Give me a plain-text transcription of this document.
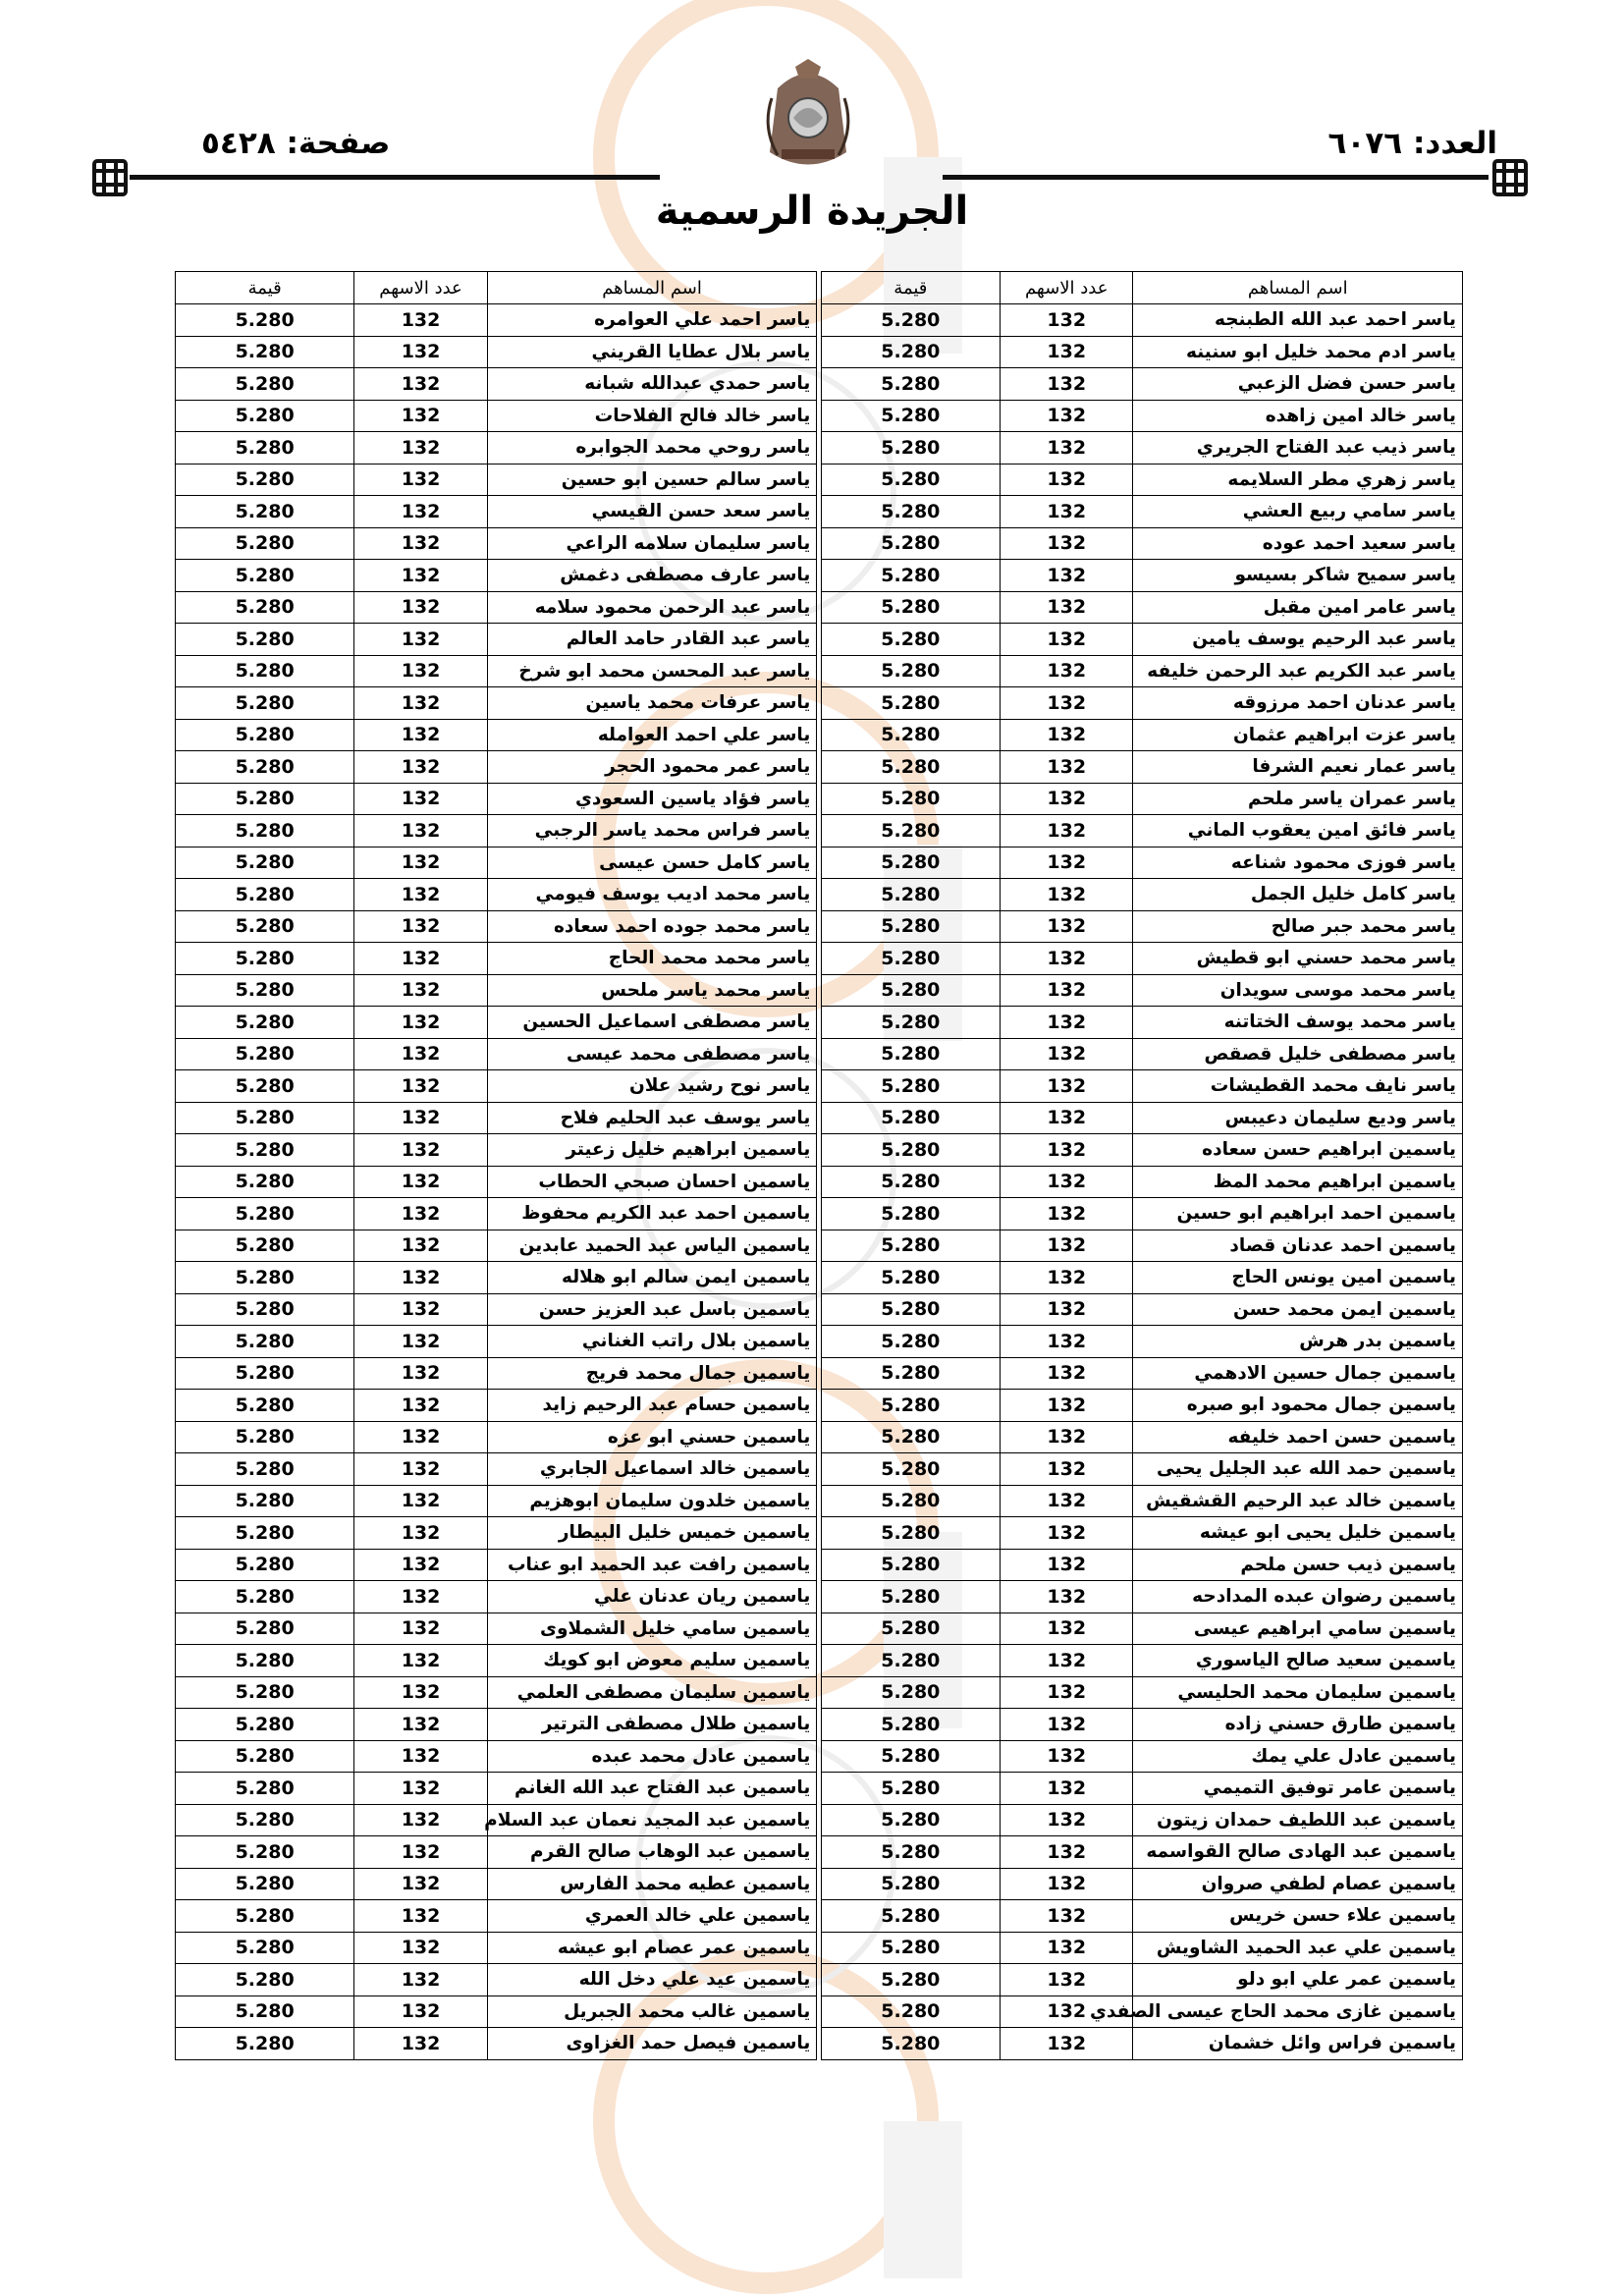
العدد: ٦٠٧٦
صفحة: ٥٤٢٨
الجريدة الرسمية
اسم المساهم	عدد الاسهم	قيمة		اسم المساهم	عدد الاسهم	قيمة
ياسر احمد عبد الله الطبنجه	132	5.280		ياسر احمد علي العوامره	132	5.280
ياسر ادم محمد خليل ابو سنينه	132	5.280		ياسر بلال عطايا القريني	132	5.280
ياسر حسن فضل الزعبي	132	5.280		ياسر حمدي عبدالله شبانه	132	5.280
ياسر خالد امين زاهده	132	5.280		ياسر خالد فالح الفلاحات	132	5.280
ياسر ذيب عبد الفتاح الجريري	132	5.280		ياسر روحي محمد الجوابره	132	5.280
ياسر زهري مطر السلايمه	132	5.280		ياسر سالم حسين ابو حسين	132	5.280
ياسر سامي ربيع العشي	132	5.280		ياسر سعد حسن القيسي	132	5.280
ياسر سعيد احمد عوده	132	5.280		ياسر سليمان سلامه الراعي	132	5.280
ياسر سميح شاكر بسيسو	132	5.280		ياسر عارف مصطفى دغمش	132	5.280
ياسر عامر امين مقبل	132	5.280		ياسر عبد الرحمن محمود سلامه	132	5.280
ياسر عبد الرحيم يوسف يامين	132	5.280		ياسر عبد القادر حامد العالم	132	5.280
ياسر عبد الكريم عبد الرحمن خليفه	132	5.280		ياسر عبد المحسن محمد ابو شرخ	132	5.280
ياسر عدنان احمد مرزوقه	132	5.280		ياسر عرفات محمد ياسين	132	5.280
ياسر عزت ابراهيم عثمان	132	5.280		ياسر علي احمد العوامله	132	5.280
ياسر عمار نعيم الشرفا	132	5.280		ياسر عمر محمود الحجر	132	5.280
ياسر عمران ياسر ملحم	132	5.280		ياسر فؤاد ياسين السعودي	132	5.280
ياسر فائق امين يعقوب الماني	132	5.280		ياسر فراس محمد ياسر الرجبي	132	5.280
ياسر فوزى محمود شناعه	132	5.280		ياسر كامل حسن عيسى	132	5.280
ياسر كامل خليل الجمل	132	5.280		ياسر محمد اديب يوسف فيومي	132	5.280
ياسر محمد جبر صالح	132	5.280		ياسر محمد جوده احمد سعاده	132	5.280
ياسر محمد حسني ابو قطيش	132	5.280		ياسر محمد محمد الحاج	132	5.280
ياسر محمد موسى سويدان	132	5.280		ياسر محمد ياسر ملحس	132	5.280
ياسر محمد يوسف الختاتنه	132	5.280		ياسر مصطفى اسماعيل الحسين	132	5.280
ياسر مصطفى خليل قصقص	132	5.280		ياسر مصطفى محمد عيسى	132	5.280
ياسر نايف محمد القطيشات	132	5.280		ياسر نوح رشيد علان	132	5.280
ياسر وديع سليمان دعيبس	132	5.280		ياسر يوسف عبد الحليم فلاح	132	5.280
ياسمين ابراهيم حسن سعاده	132	5.280		ياسمين ابراهيم خليل زعيتر	132	5.280
ياسمين ابراهيم محمد المظ	132	5.280		ياسمين احسان صبحي الحطاب	132	5.280
ياسمين احمد ابراهيم ابو حسين	132	5.280		ياسمين احمد عبد الكريم محفوظ	132	5.280
ياسمين احمد عدنان قصاد	132	5.280		ياسمين الياس عبد الحميد عابدين	132	5.280
ياسمين امين يونس الحاج	132	5.280		ياسمين ايمن سالم ابو هلاله	132	5.280
ياسمين ايمن محمد حسن	132	5.280		ياسمين باسل عبد العزيز حسن	132	5.280
ياسمين بدر هرش	132	5.280		ياسمين بلال راتب الغناني	132	5.280
ياسمين جمال حسين الادهمي	132	5.280		ياسمين جمال محمد فريج	132	5.280
ياسمين جمال محمود ابو صبره	132	5.280		ياسمين حسام عبد الرحيم زايد	132	5.280
ياسمين حسن احمد خليفه	132	5.280		ياسمين حسني ابو عزه	132	5.280
ياسمين حمد الله عبد الجليل يحيى	132	5.280		ياسمين خالد اسماعيل الجابري	132	5.280
ياسمين خالد عبد الرحيم القشقيش	132	5.280		ياسمين خلدون سليمان ابوهزيم	132	5.280
ياسمين خليل يحيى ابو عيشه	132	5.280		ياسمين خميس خليل البيطار	132	5.280
ياسمين ذيب حسن ملحم	132	5.280		ياسمين رافت عبد الحميد ابو عناب	132	5.280
ياسمين رضوان عبده المدادحه	132	5.280		ياسمين ريان عدنان علي	132	5.280
ياسمين سامي ابراهيم عيسى	132	5.280		ياسمين سامي خليل الشملاوى	132	5.280
ياسمين سعيد صالح الياسوري	132	5.280		ياسمين سليم معوض ابو كويك	132	5.280
ياسمين سليمان محمد الحليسي	132	5.280		ياسمين سليمان مصطفى العلمي	132	5.280
ياسمين طارق حسني زاده	132	5.280		ياسمين طلال مصطفى الترتير	132	5.280
ياسمين عادل علي يمك	132	5.280		ياسمين عادل محمد عبده	132	5.280
ياسمين عامر توفيق التميمي	132	5.280		ياسمين عبد الفتاح عبد الله الغانم	132	5.280
ياسمين عبد اللطيف حمدان زيتون	132	5.280		ياسمين عبد المجيد نعمان عبد السلام	132	5.280
ياسمين عبد الهادى صالح القواسمه	132	5.280		ياسمين عبد الوهاب صالح القرم	132	5.280
ياسمين عصام لطفي صروان	132	5.280		ياسمين عطيه محمد الفارس	132	5.280
ياسمين علاء حسن خريس	132	5.280		ياسمين علي خالد العمري	132	5.280
ياسمين علي عبد الحميد الشاويش	132	5.280		ياسمين عمر عصام ابو عيشه	132	5.280
ياسمين عمر علي ابو دلو	132	5.280		ياسمين عيد علي دخل الله	132	5.280
ياسمين غازى محمد الحاج عيسى الصفدي	132	5.280		ياسمين غالب محمد الجبريل	132	5.280
ياسمين فراس وائل خشمان	132	5.280		ياسمين فيصل حمد الغزاوى	132	5.280
